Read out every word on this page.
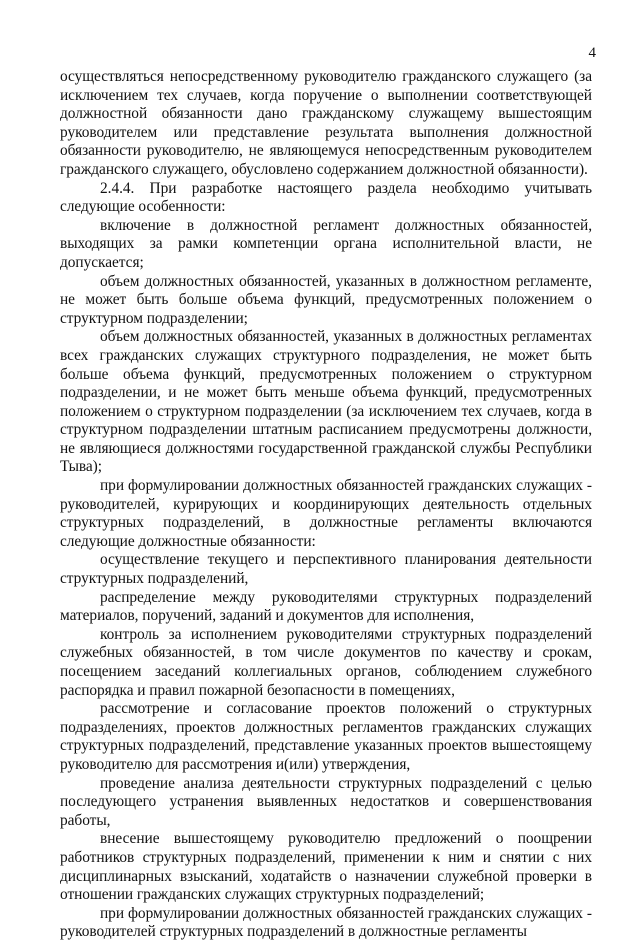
4

осуществляться непосредственному руководителю гражданского служащего (за исключением тех случаев, когда поручение о выполнении соответствующей должностной обязанности дано гражданскому служащему вышестоящим руководителем или представление результата выполнения должностной обязанности руководителю, не являющемуся непосредственным руководителем гражданского служащего, обусловлено содержанием должностной обязанности).

2.4.4. При разработке настоящего раздела необходимо учитывать следующие особенности:

включение в должностной регламент должностных обязанностей, выходящих за рамки компетенции органа исполнительной власти, не допускается;

объем должностных обязанностей, указанных в должностном регламенте, не может быть больше объема функций, предусмотренных положением о структурном подразделении;

объем должностных обязанностей, указанных в должностных регламентах всех гражданских служащих структурного подразделения, не может быть больше объема функций, предусмотренных положением о структурном подразделении, и не может быть меньше объема функций, предусмотренных положением о структурном подразделении (за исключением тех случаев, когда в структурном подразделении штатным расписанием предусмотрены должности, не являющиеся должностями государственной гражданской службы Республики Тыва);

при формулировании должностных обязанностей гражданских служащих - руководителей, курирующих и координирующих деятельность отдельных структурных подразделений, в должностные регламенты включаются следующие должностные обязанности:

осуществление текущего и перспективного планирования деятельности структурных подразделений,

распределение между руководителями структурных подразделений материалов, поручений, заданий и документов для исполнения,

контроль за исполнением руководителями структурных подразделений служебных обязанностей, в том числе документов по качеству и срокам, посещением заседаний коллегиальных органов, соблюдением служебного распорядка и правил пожарной безопасности в помещениях,

рассмотрение и согласование проектов положений о структурных подразделениях, проектов должностных регламентов гражданских служащих структурных подразделений, представление указанных проектов вышестоящему руководителю для рассмотрения и(или) утверждения,

проведение анализа деятельности структурных подразделений с целью последующего устранения выявленных недостатков и совершенствования работы,

внесение вышестоящему руководителю предложений о поощрении работников структурных подразделений, применении к ним и снятии с них дисциплинарных взысканий, ходатайств о назначении служебной проверки в отношении гражданских служащих структурных подразделений;

при формулировании должностных обязанностей гражданских служащих - руководителей структурных подразделений в должностные регламенты
